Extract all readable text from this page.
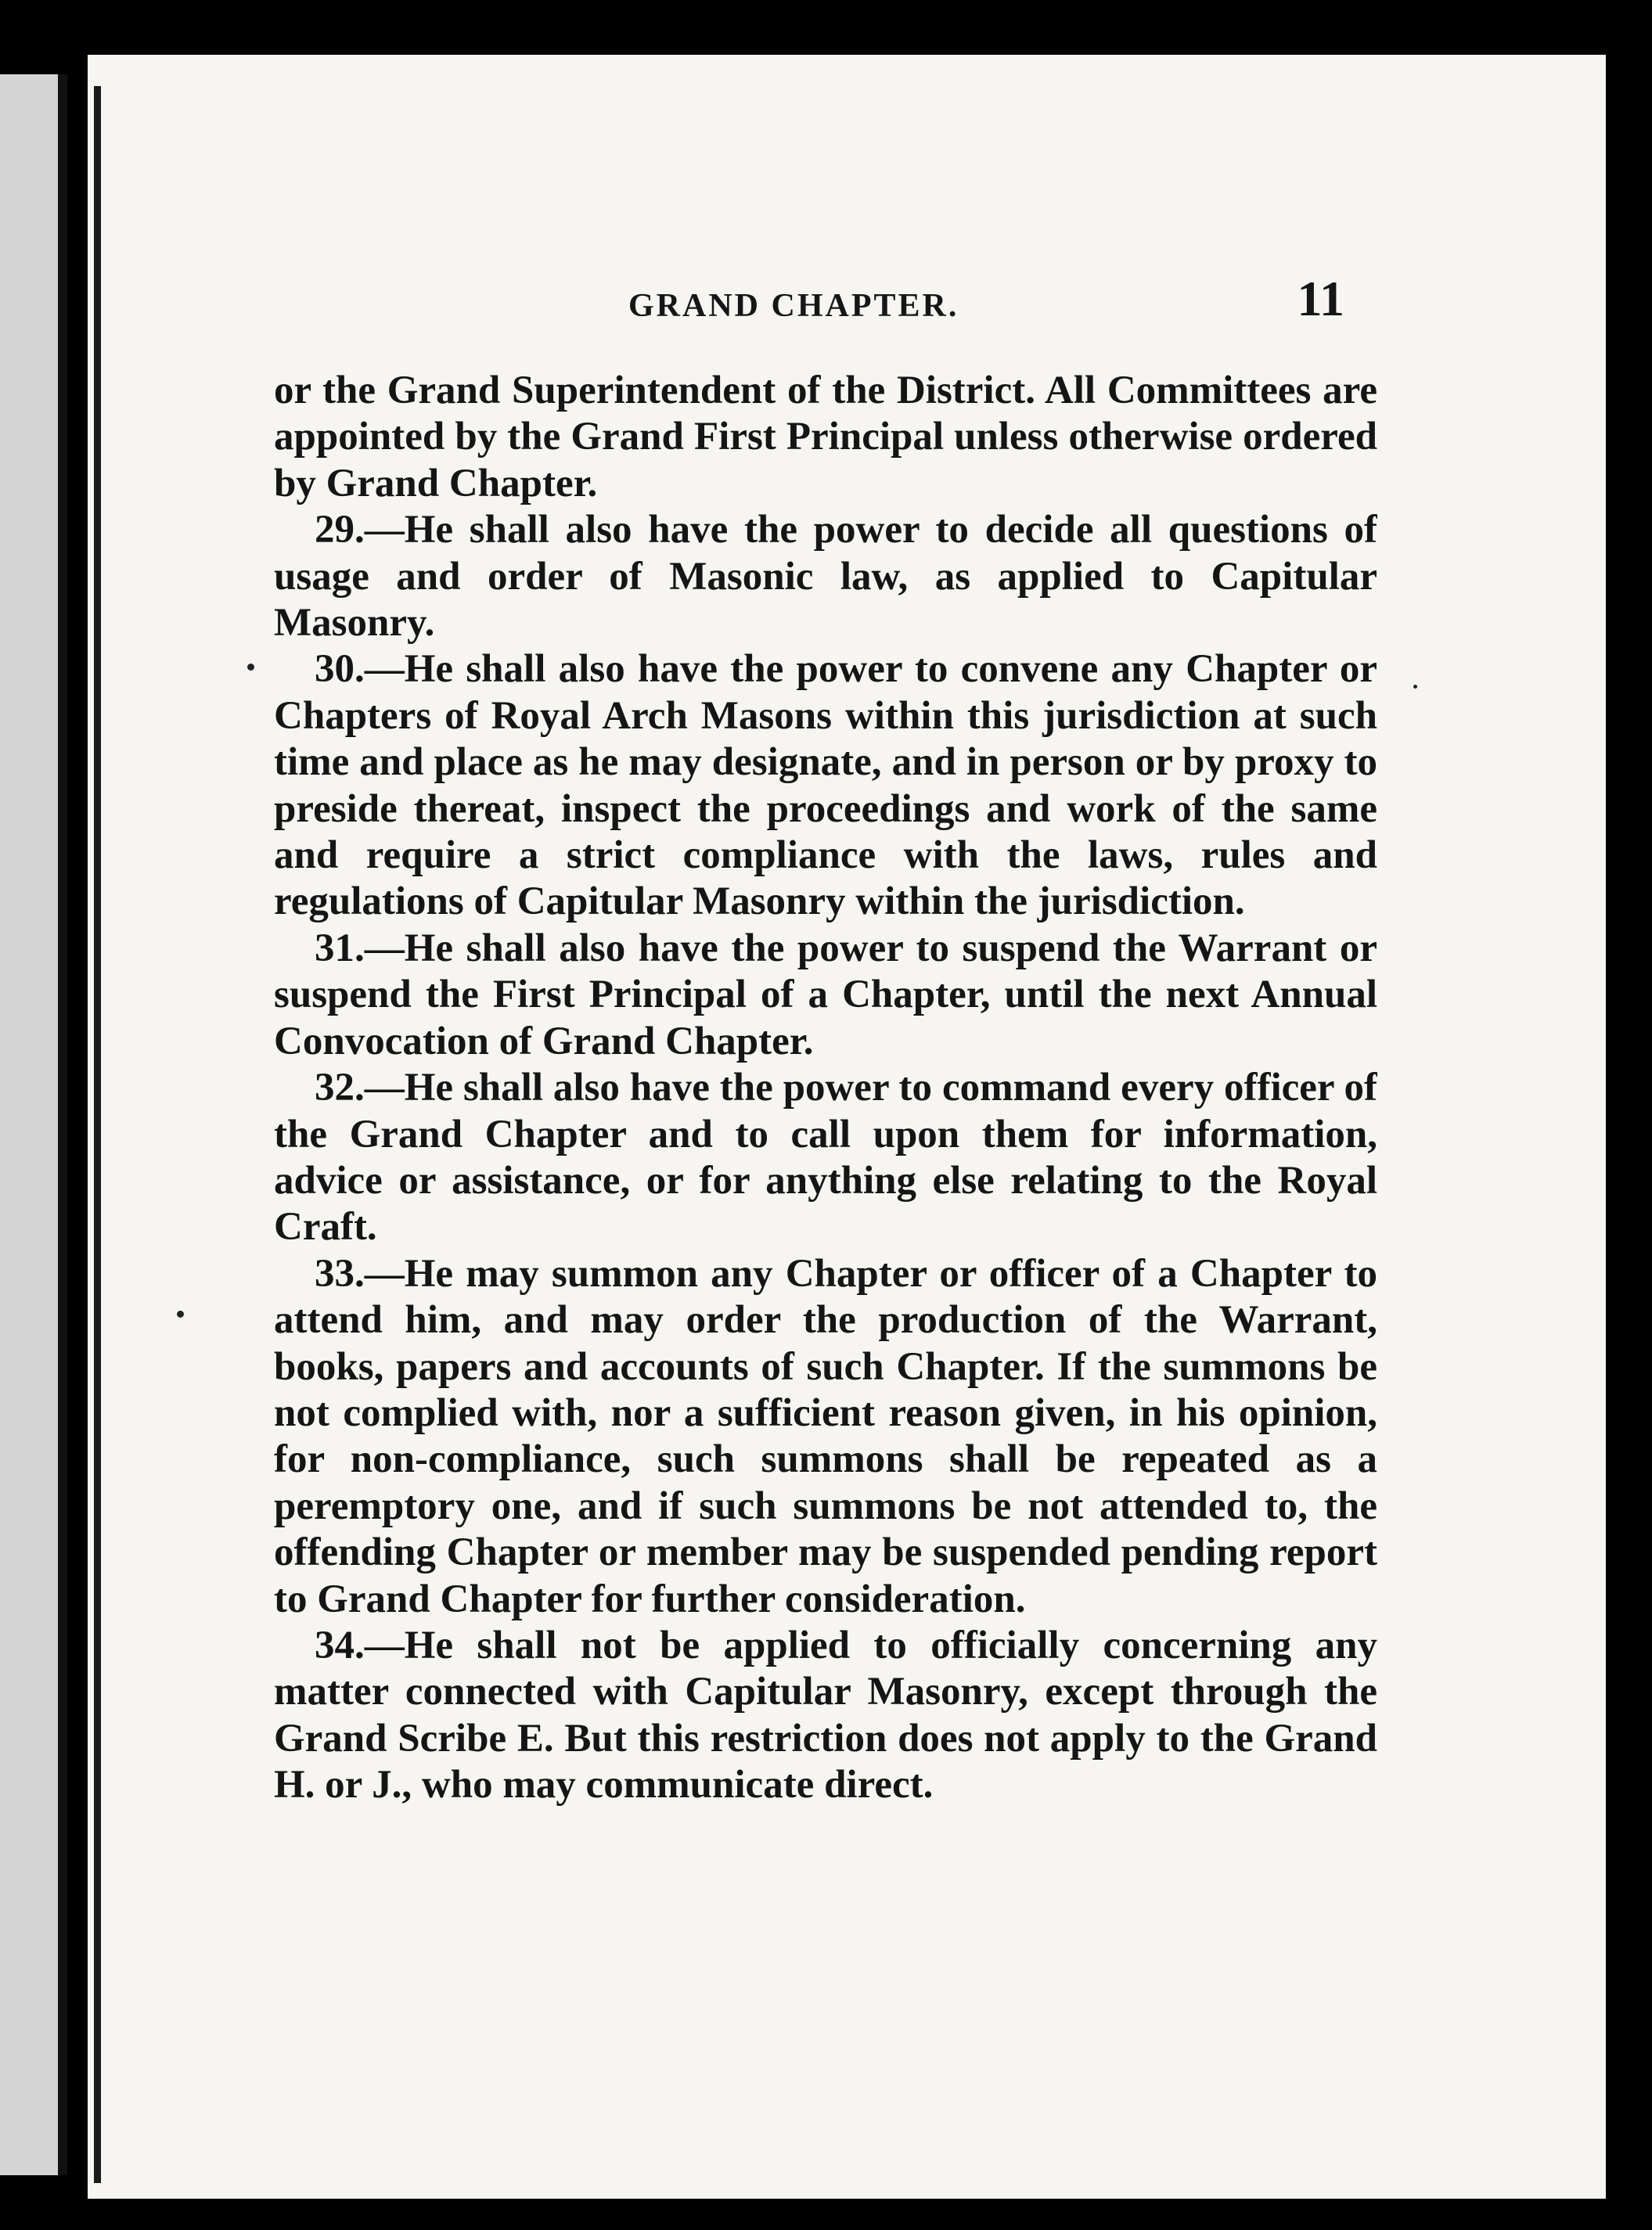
GRAND CHAPTER.	11

or the Grand Superintendent of the District. All Committees are appointed by the Grand First Principal unless otherwise ordered by Grand Chapter.

29.—He shall also have the power to decide all questions of usage and order of Masonic law, as applied to Capitular Masonry.

30.—He shall also have the power to convene any Chapter or Chapters of Royal Arch Masons within this jurisdiction at such time and place as he may designate, and in person or by proxy to preside thereat, inspect the proceedings and work of the same and require a strict compliance with the laws, rules and regulations of Capitular Masonry within the jurisdiction.

31.—He shall also have the power to suspend the Warrant or suspend the First Principal of a Chapter, until the next Annual Convocation of Grand Chapter.

32.—He shall also have the power to command every officer of the Grand Chapter and to call upon them for information, advice or assistance, or for anything else relating to the Royal Craft.

33.—He may summon any Chapter or officer of a Chapter to attend him, and may order the production of the Warrant, books, papers and accounts of such Chapter. If the summons be not complied with, nor a sufficient reason given, in his opinion, for non-compliance, such summons shall be repeated as a peremptory one, and if such summons be not attended to, the offending Chapter or member may be suspended pending report to Grand Chapter for further consideration.

34.—He shall not be applied to officially concerning any matter connected with Capitular Masonry, except through the Grand Scribe E. But this restriction does not apply to the Grand H. or J., who may communicate direct.
